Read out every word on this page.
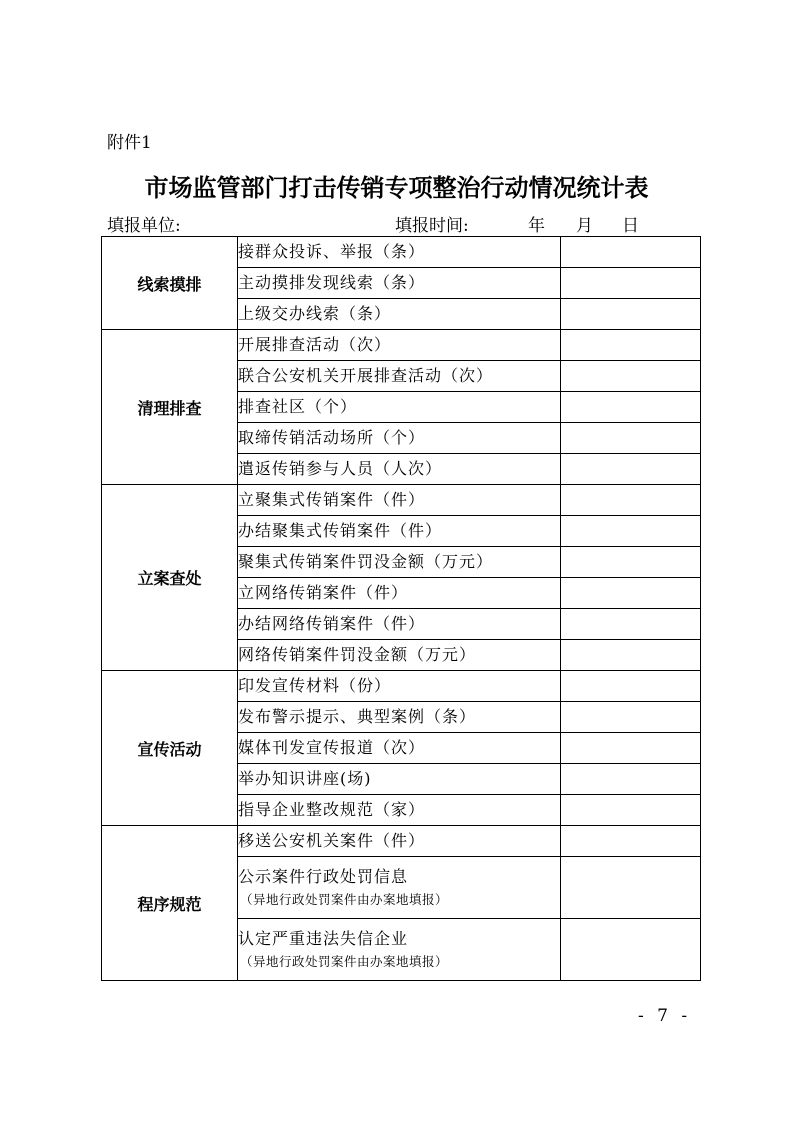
附件1
市场监管部门打击传销专项整治行动情况统计表
填报单位:	填报时间:	年 月 日
线索摸排	接群众投诉、举报（条）	

	主动摸排发现线索（条）	

	上级交办线索（条）	

清理排查	开展排查活动（次）	

	联合公安机关开展排查活动（次）	

	排查社区（个）	

	取缔传销活动场所（个）	

	遣返传销参与人员（人次）	

立案查处	立聚集式传销案件（件）	

	办结聚集式传销案件（件）	

	聚集式传销案件罚没金额（万元）	

	立网络传销案件（件）	

	办结网络传销案件（件）	

	网络传销案件罚没金额（万元）	

宣传活动	印发宣传材料（份）	

	发布警示提示、典型案例（条）	

	媒体刊发宣传报道（次）	

	举办知识讲座(场)	

	指导企业整改规范（家）	

程序规范	移送公安机关案件（件）	

	公示案件行政处罚信息
（异地行政处罚案件由办案地填报）	

	认定严重违法失信企业
（异地行政处罚案件由办案地填报）	

- 7 -
